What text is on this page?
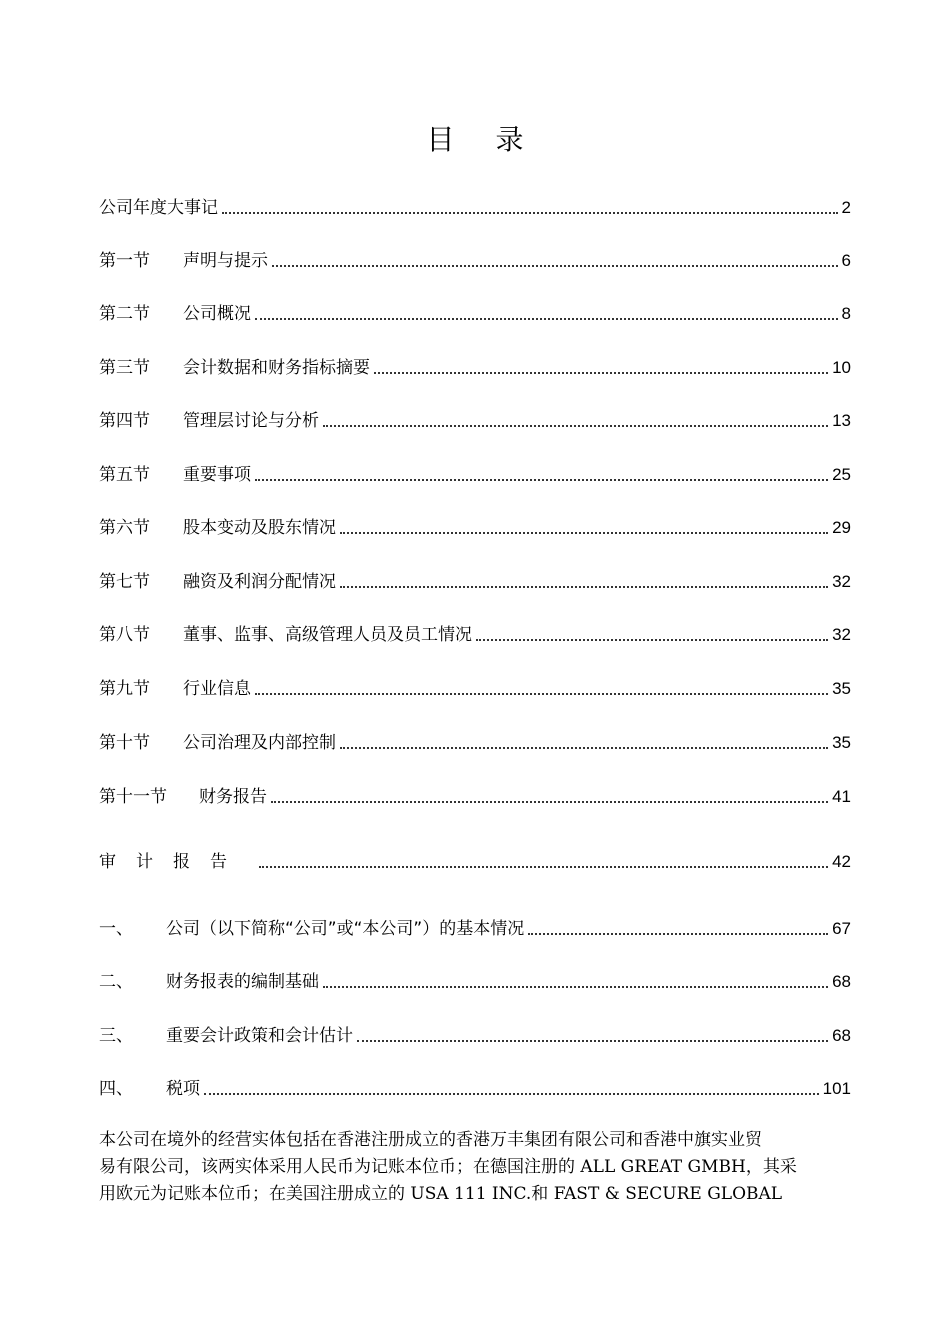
目 录
公司年度大事记	2
第一节	声明与提示	6
第二节	公司概况	8
第三节	会计数据和财务指标摘要	10
第四节	管理层讨论与分析	13
第五节	重要事项	25
第六节	股本变动及股东情况	29
第七节	融资及利润分配情况	32
第八节	董事、监事、高级管理人员及员工情况	32
第九节	行业信息	35
第十节	公司治理及内部控制	35
第十一节	财务报告	41
审计报告	42
一、	公司（以下简称“公司”或“本公司”）的基本情况	67
二、	财务报表的编制基础	68
三、	重要会计政策和会计估计	68
四、	税项	101
本公司在境外的经营实体包括在香港注册成立的香港万丰集团有限公司和香港中旗实业贸
易有限公司，该两实体采用人民币为记账本位币；在德国注册的 ALL GREAT GMBH，其采
用欧元为记账本位币；在美国注册成立的 USA 111 INC.和 FAST & SECURE GLOBAL
